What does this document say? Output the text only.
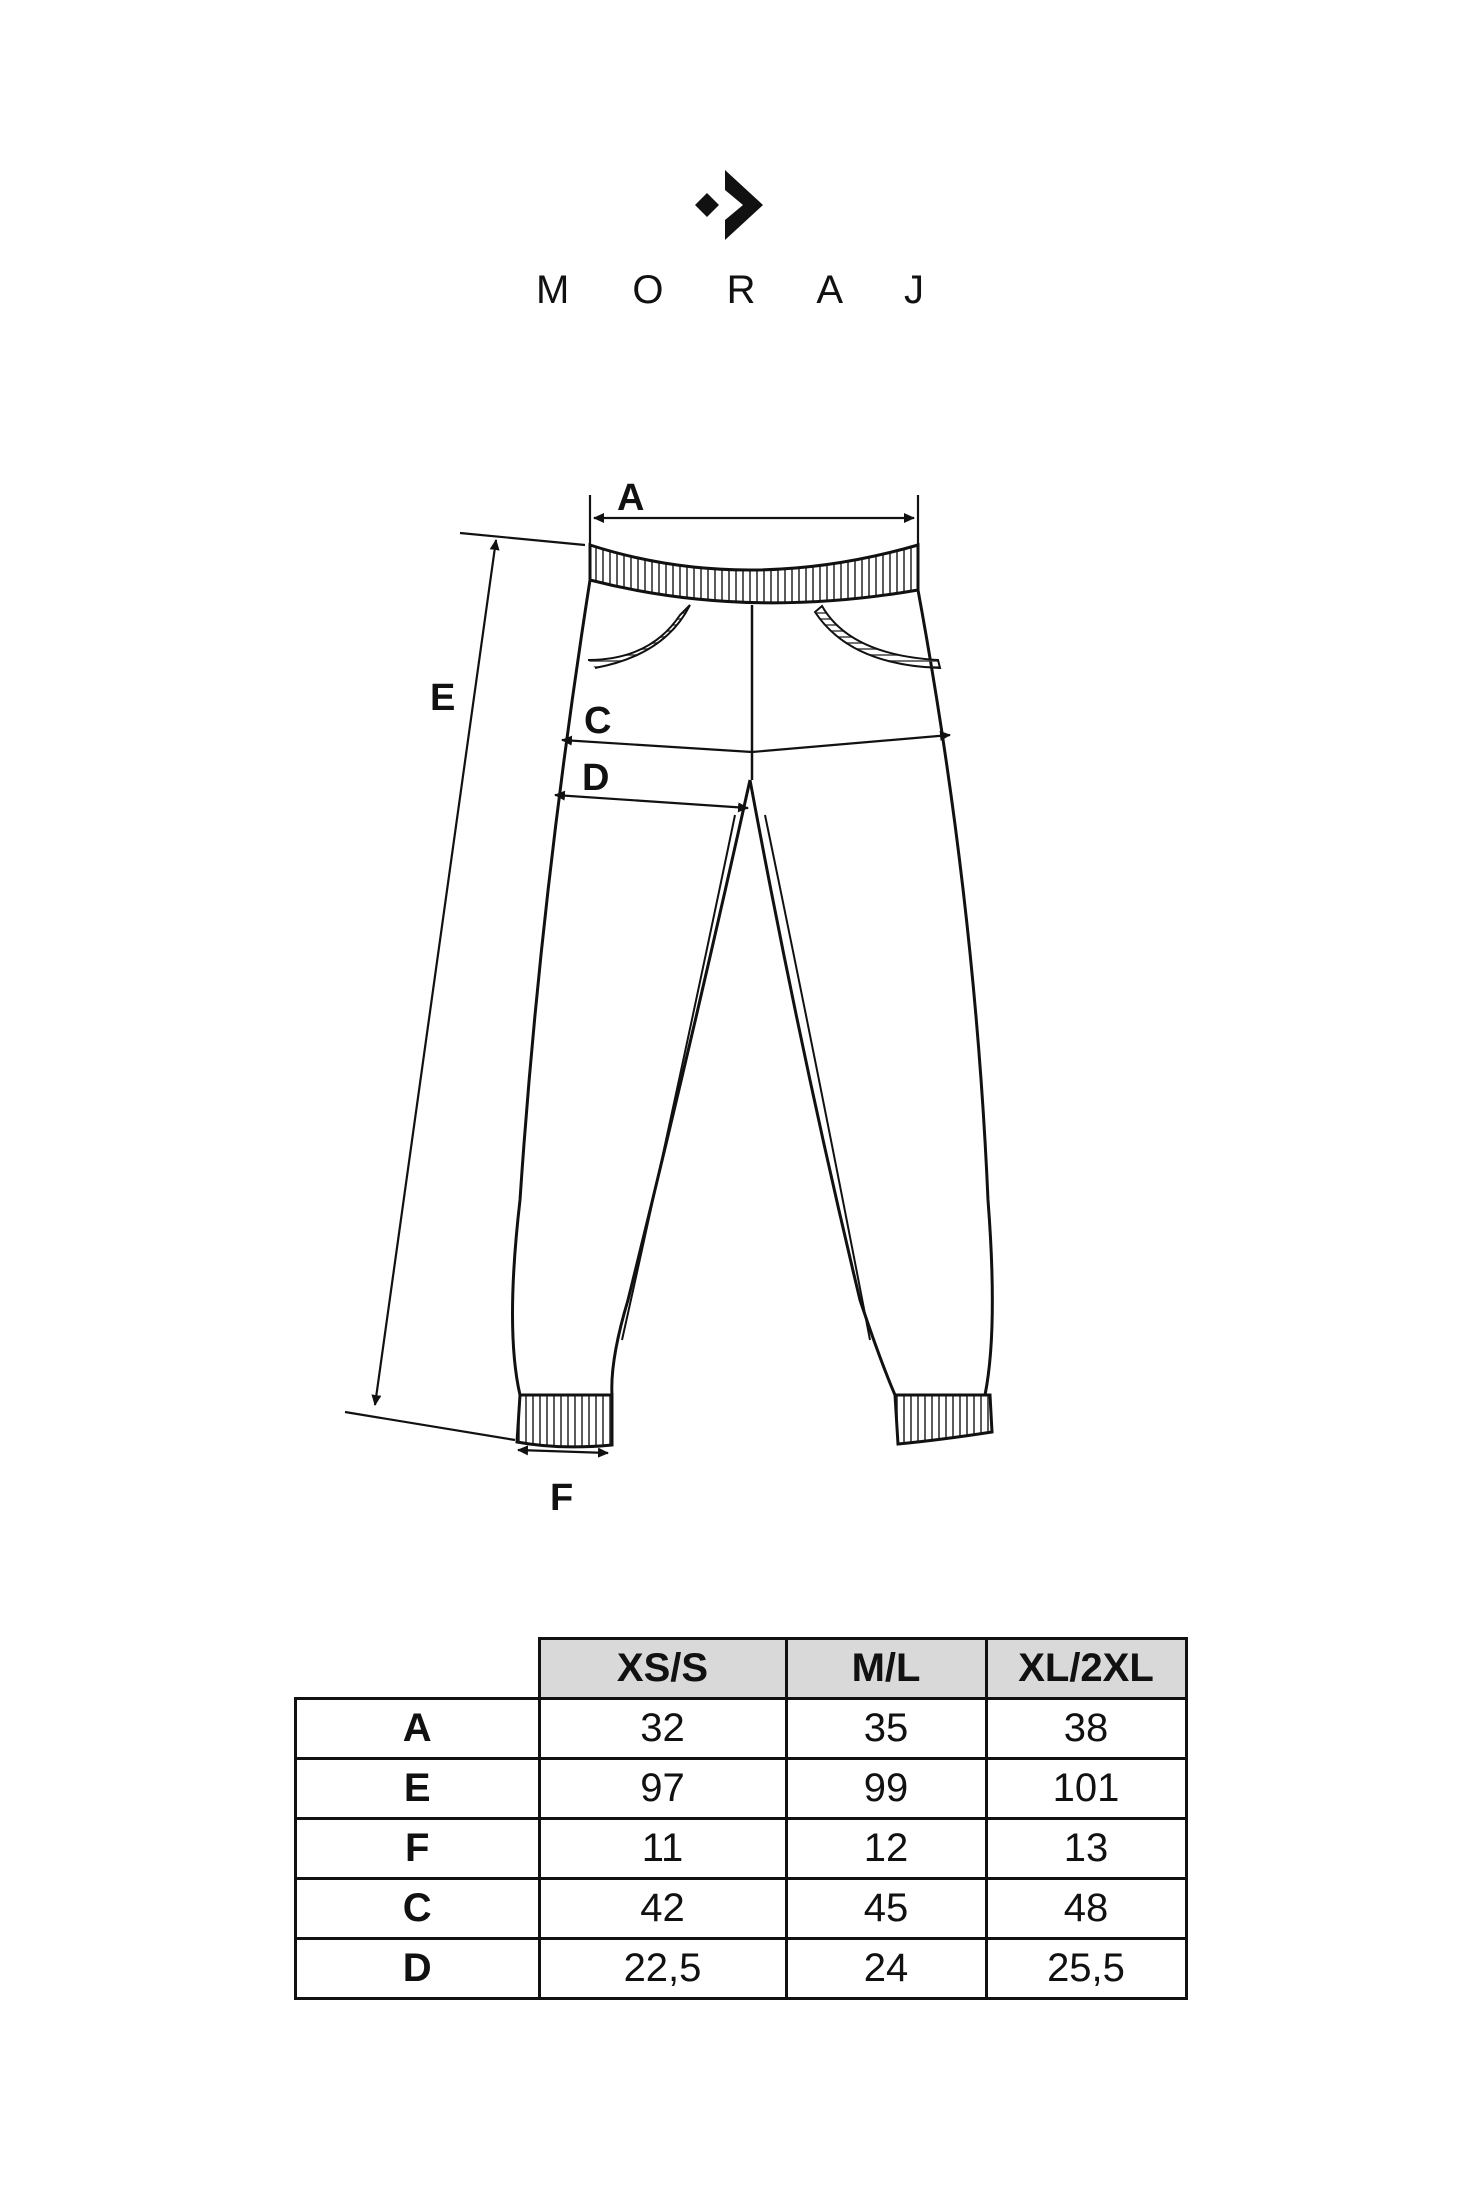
M O R A J
A
E
C
D
F
	XS/S	M/L	XL/2XL
A	32	35	38
E	97	99	101
F	11	12	13
C	42	45	48
D	22,5	24	25,5
